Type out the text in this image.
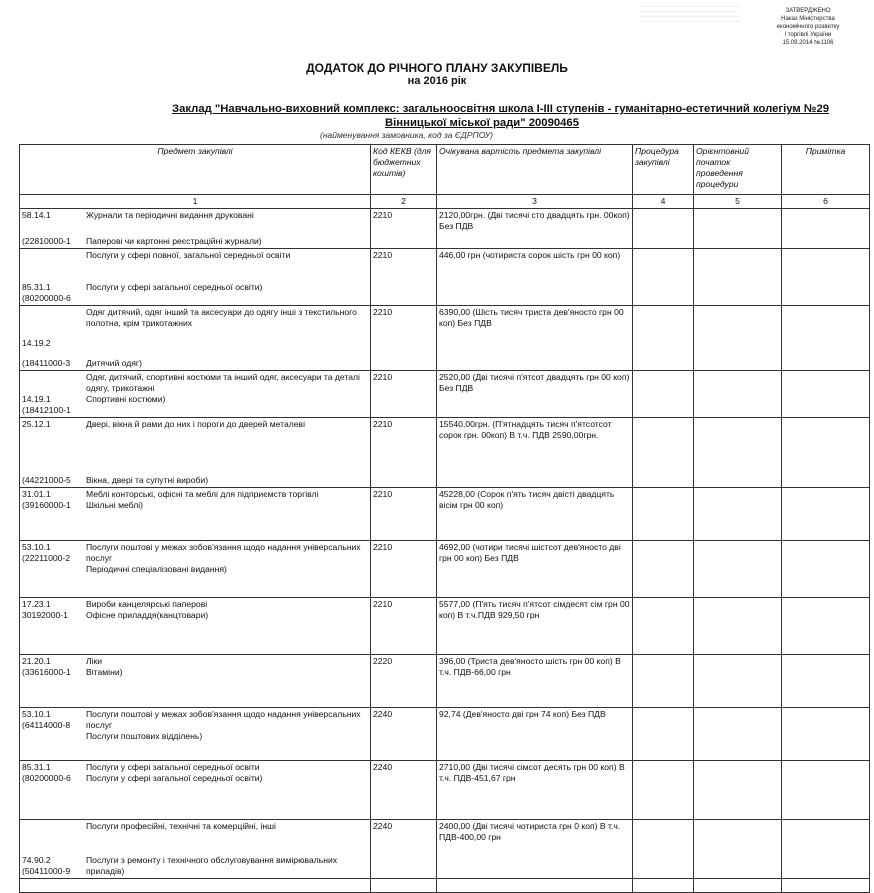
ЗАТВЕРДЖЕНО
Наказ Міністерства
економічного розвитку
і торгівлі України
15.09.2014 №1106
ДОДАТОК ДО РІЧНОГО ПЛАНУ ЗАКУПІВЕЛЬ
на 2016 рік
Заклад "Навчально-виховний комплекс: загальноосвітня школа І-ІІІ ступенів - гуманітарно-естетичний колегіум №29
Вінницької міської ради" 20090465
(найменування замовника, код за ЄДРПОУ)
Предмет закупівлі	Код КЕКВ (для бюджетних коштів)	Очікувана вартість предмета закупівлі	Процедура закупівлі	Орієнтовний початок проведення процедури	Примітка
1	2	3	4	5	6

58.14.1 Журнали та періодичні видання друковані
(22810000-1 Паперові чи картонні реєстраційні журнали)	2210	2120,00грн. (Дві тисячі сто двадцять грн. 00коп) Без ПДВ			

Послуги у сфері повної, загальної середньої освіти
85.31.1
(80200000-6
Послуги у сфері загальної середньої освіти)	2210	446,00 грн (чотириста сорок шість грн 00 коп)			

Одяг дитячий, одяг інший та аксесуари до одягу інші з текстильного полотна, крім трикотажних
14.19.2
(18411000-3 Дитячий одяг)	2210	6390,00 (Шість тисяч триста дев'яносто грн 00 коп) Без ПДВ			

Одяг, дитячий, спортивні костюми та інший одяг, аксесуари та деталі одягу, трикотажні
14.19.1
(18412100-1
Спортивні костюми)	2210	2520,00 (Дві тисячі п'ятсот двадцять грн 00 коп) Без ПДВ			

25.12.1 Двері, вікна й рами до них і пороги до дверей металеві
(44221000-5 Вікна, двері та супутні вироби)	2210	15540,00грн. (П'ятнадцять тисяч п'ятсотсот сорок грн. 00коп) В т.ч. ПДВ 2590,00грн.			

31.01.1
(39160000-1
Меблі конторські, офісні та меблі для підприємств торгівлі
Шкільні меблі)	2210	45228,00 (Сорок п'ять тисяч двісті двадцять вісім грн 00 коп)			

53.10.1
(22211000-2
Послуги поштові у межах зобов'язання щодо надання універсальних послуг
Періодичні спеціалізовані видання)	2210	4692,00 (чотири тисячі шістсот дев'яносто дві грн 00 коп) Без ПДВ			

17.23.1
30192000-1
Вироби канцелярські паперові
Офісне приладдя(канцтовари)	2210	5577,00 (П'ять тисяч п'ятсот сімдесят сім грн 00 коп) В т.ч.ПДВ 929,50 грн			

21.20.1
(33616000-1
Ліки
Вітаміни)	2220	396,00 (Триста дев'яносто шість грн 00 коп) В т.ч. ПДВ-66,00 грн			

53.10.1
(64114000-8
Послуги поштові у межах зобов'язання щодо надання універсальних послуг
Послуги поштових відділень)	2240	92,74 (Дев'яносто дві грн 74 коп) Без ПДВ			

85.31.1
(80200000-6
Послуги у сфері загальної середньої освіти
Послуги у сфері загальної середньої освіти)	2240	2710,00 (Дві тисячі сімсот десять грн 00 коп) В т.ч. ПДВ-451,67 грн			

Послуги професійні, технічні та комерційні, інші
74.90.2
(50411000-9
Послуги з ремонту і технічного обслуговування вимірювальних приладів)	2240	2400,00 (Дві тисячі чотириста грн 0 коп) В т.ч. ПДВ-400,00 грн			
